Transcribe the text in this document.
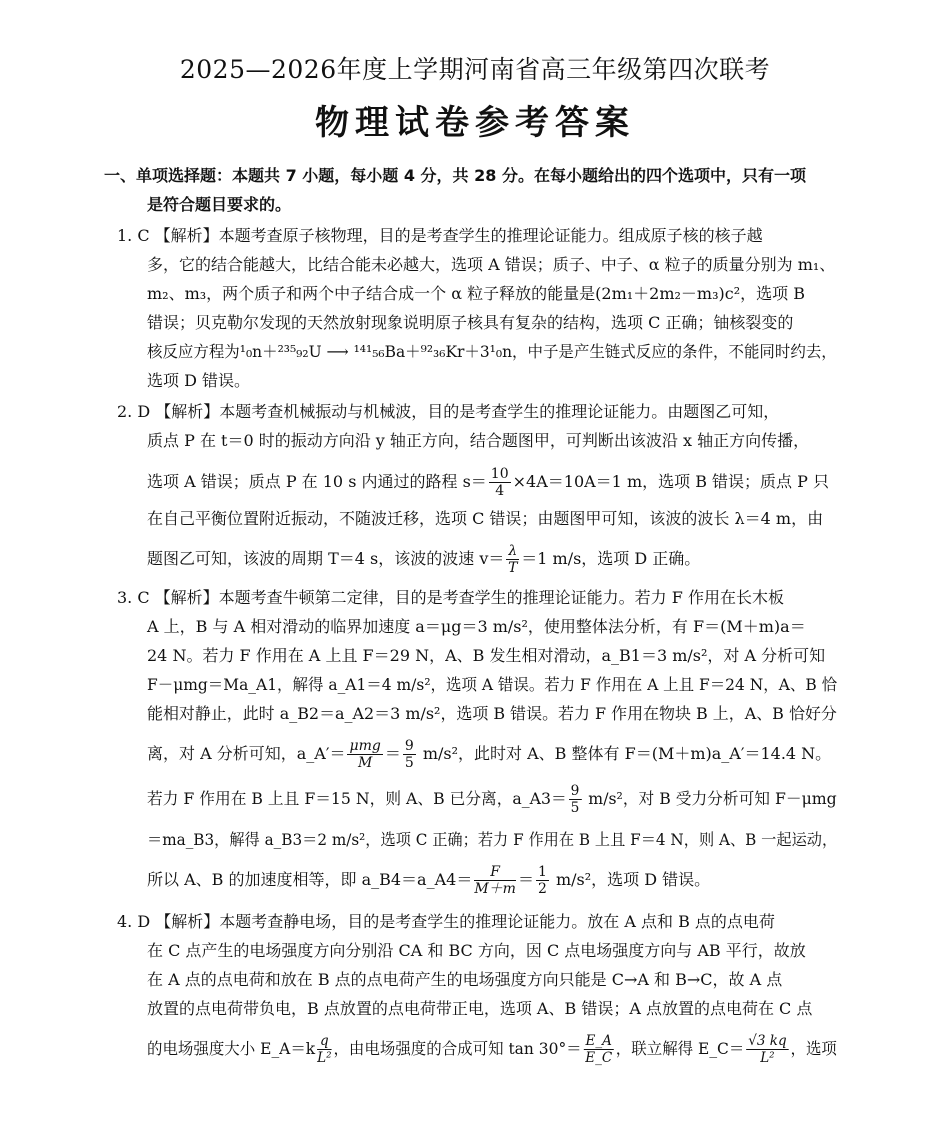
2025—2026年度上学期河南省高三年级第四次联考
物理试卷参考答案
一、单项选择题：本题共 7 小题，每小题 4 分，共 28 分。在每小题给出的四个选项中，只有一项
是符合题目要求的。
1. C 【解析】本题考查原子核物理，目的是考查学生的推理论证能力。组成原子核的核子越
多，它的结合能越大，比结合能未必越大，选项 A 错误；质子、中子、α 粒子的质量分别为 m₁、
m₂、m₃，两个质子和两个中子结合成一个 α 粒子释放的能量是(2m₁＋2m₂－m₃)c²，选项 B
错误；贝克勒尔发现的天然放射现象说明原子核具有复杂的结构，选项 C 正确；铀核裂变的
核反应方程为¹₀n＋²³⁵₉₂U ⟶ ¹⁴¹₅₆Ba＋⁹²₃₆Kr＋3¹₀n，中子是产生链式反应的条件，不能同时约去，
选项 D 错误。
2. D 【解析】本题考查机械振动与机械波，目的是考查学生的推理论证能力。由题图乙可知，
质点 P 在 t＝0 时的振动方向沿 y 轴正方向，结合题图甲，可判断出该波沿 x 轴正方向传播，
选项 A 错误；质点 P 在 10 s 内通过的路程 $s= \frac{10}{4} \times 4A=10A=1$ m，选项 B 错误；质点 P 只
在自己平衡位置附近振动，不随波迁移，选项 C 错误；由题图甲可知，该波的波长 λ＝4 m，由
题图乙可知，该波的周期 T＝4 s，该波的波速 $v= \frac{\lambda}{T} =1$ m/s，选项 D 正确。
3. C 【解析】本题考查牛顿第二定律，目的是考查学生的推理论证能力。若力 F 作用在长木板
A 上，B 与 A 相对滑动的临界加速度 a＝μg＝3 m/s²，使用整体法分析，有 F＝(M＋m)a＝
24 N。若力 F 作用在 A 上且 F＝29 N，A、B 发生相对滑动，a_B1＝3 m/s²，对 A 分析可知
F－μmg＝Ma_A1，解得 a_A1＝4 m/s²，选项 A 错误。若力 F 作用在 A 上且 F＝24 N，A、B 恰
能相对静止，此时 a_B2＝a_A2＝3 m/s²，选项 B 错误。若力 F 作用在物块 B 上，A、B 恰好分
离，对 A 分析可知，a_A′＝ $\frac{\text{μmg}}{M} = \frac{9}{5} m/s^2$，此时对 A、B 整体有 F＝(M＋m)a_A′＝14.4 N。
若力 F 作用在 B 上且 F＝15 N，则 A、B 已分离，a_A3＝ $\frac{9}{5} m/s^2$，对 B 受力分析可知 F－μmg
＝ma_B3，解得 a_B3＝2 m/s²，选项 C 正确；若力 F 作用在 B 上且 F＝4 N，则 A、B 一起运动，
所以 A、B 的加速度相等，即 a_B4＝a_A4＝ $\frac{F}{M+m} = \frac{1}{2} m/s^2$，选项 D 错误。
4. D 【解析】本题考查静电场，目的是考查学生的推理论证能力。放在 A 点和 B 点的点电荷
在 C 点产生的电场强度方向分别沿 CA 和 BC 方向，因 C 点电场强度方向与 AB 平行，故放
在 A 点的点电荷和放在 B 点的点电荷产生的电场强度方向只能是 C→A 和 B→C，故 A 点
放置的点电荷带负电，B 点放置的点电荷带正电，选项 A、B 错误；A 点放置的点电荷在 C 点
的电场强度大小 E_A＝k $\frac{q}{\text{L²}}$ ，由电场强度的合成可知 $\tan 30^\circ= \frac{E\_A}{E\_C}$ ，联立解得 E_C＝ $\frac{√3 kq}{\text{L²}}$ ，选项
